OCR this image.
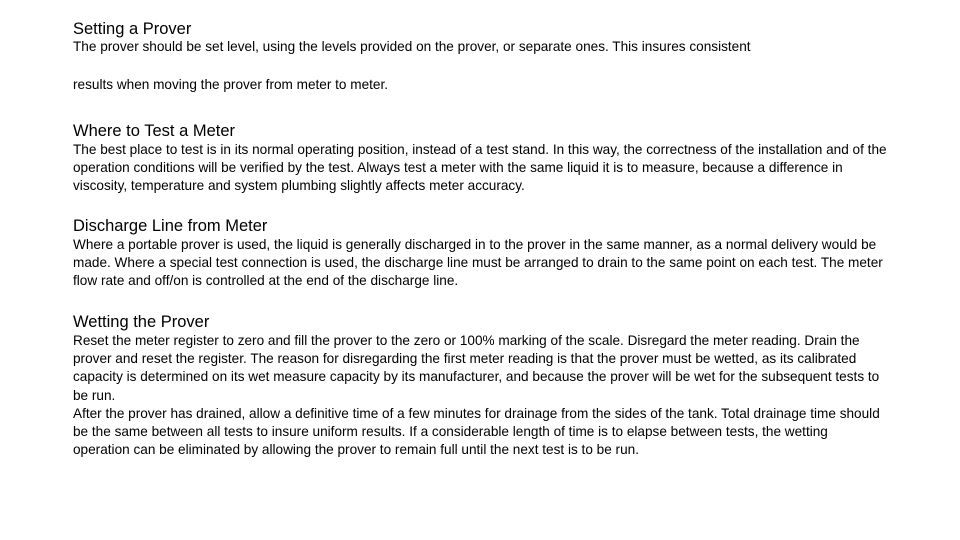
Setting a Prover

The prover should be set level, using the levels provided on the prover, or separate ones. This insures consistent

results when moving the prover from meter to meter.

Where to Test a Meter

The best place to test is in its normal operating position, instead of a test stand. In this way, the correctness of the installation and of the operation conditions will be verified by the test. Always test a meter with the same liquid it is to measure, because a difference in viscosity, temperature and system plumbing slightly affects meter accuracy.

Discharge Line from Meter

Where a portable prover is used, the liquid is generally discharged in to the prover in the same manner, as a normal delivery would be made. Where a special test connection is used, the discharge line must be arranged to drain to the same point on each test. The meter flow rate and off/on is controlled at the end of the discharge line.

Wetting the Prover

Reset the meter register to zero and fill the prover to the zero or 100% marking of the scale. Disregard the meter reading. Drain the prover and reset the register. The reason for disregarding the first meter reading is that the prover must be wetted, as its calibrated capacity is determined on its wet measure capacity by its manufacturer, and because the prover will be wet for the subsequent tests to be run.

After the prover has drained, allow a definitive time of a few minutes for drainage from the sides of the tank. Total drainage time should be the same between all tests to insure uniform results. If a considerable length of time is to elapse between tests, the wetting operation can be eliminated by allowing the prover to remain full until the next test is to be run.
